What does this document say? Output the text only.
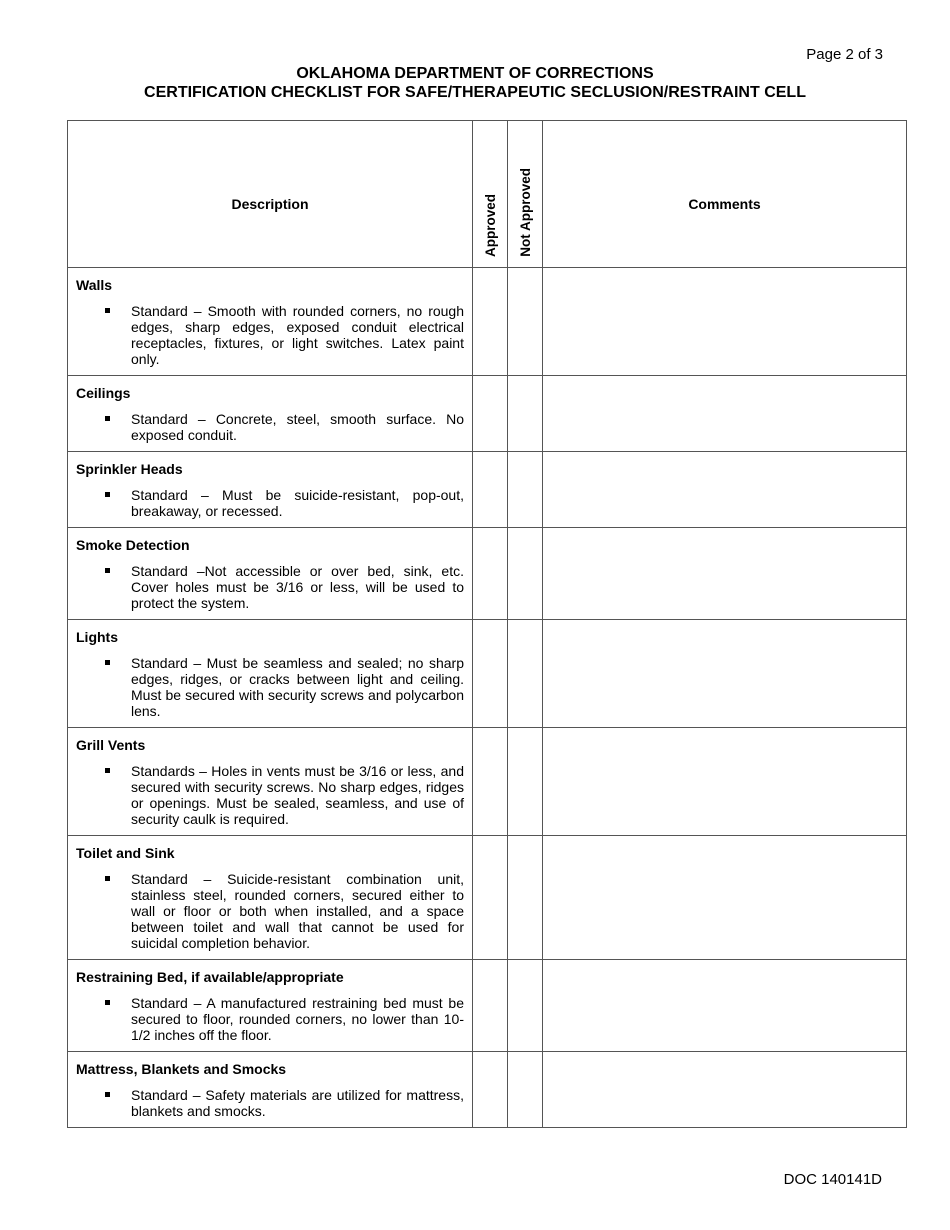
Page 2 of 3
OKLAHOMA DEPARTMENT OF CORRECTIONS
CERTIFICATION CHECKLIST FOR SAFE/THERAPEUTIC SECLUSION/RESTRAINT CELL
Description	Approved	Not Approved	Comments

Walls
Standard – Smooth with rounded corners, no rough edges, sharp edges, exposed conduit electrical receptacles, fixtures, or light switches. Latex paint only.			

Ceilings
Standard – Concrete, steel, smooth surface. No exposed conduit.			

Sprinkler Heads
Standard – Must be suicide-resistant, pop-out, breakaway, or recessed.			

Smoke Detection
Standard –Not accessible or over bed, sink, etc. Cover holes must be 3/16 or less, will be used to protect the system.			

Lights
Standard – Must be seamless and sealed; no sharp edges, ridges, or cracks between light and ceiling. Must be secured with security screws and polycarbon lens.			

Grill Vents
Standards – Holes in vents must be 3/16 or less, and secured with security screws. No sharp edges, ridges or openings. Must be sealed, seamless, and use of security caulk is required.			

Toilet and Sink
Standard – Suicide-resistant combination unit, stainless steel, rounded corners, secured either to wall or floor or both when installed, and a space between toilet and wall that cannot be used for suicidal completion behavior.			

Restraining Bed, if available/appropriate
Standard – A manufactured restraining bed must be secured to floor, rounded corners, no lower than 10-1/2 inches off the floor.			

Mattress, Blankets and Smocks
Standard – Safety materials are utilized for mattress, blankets and smocks.			

DOC 140141D
